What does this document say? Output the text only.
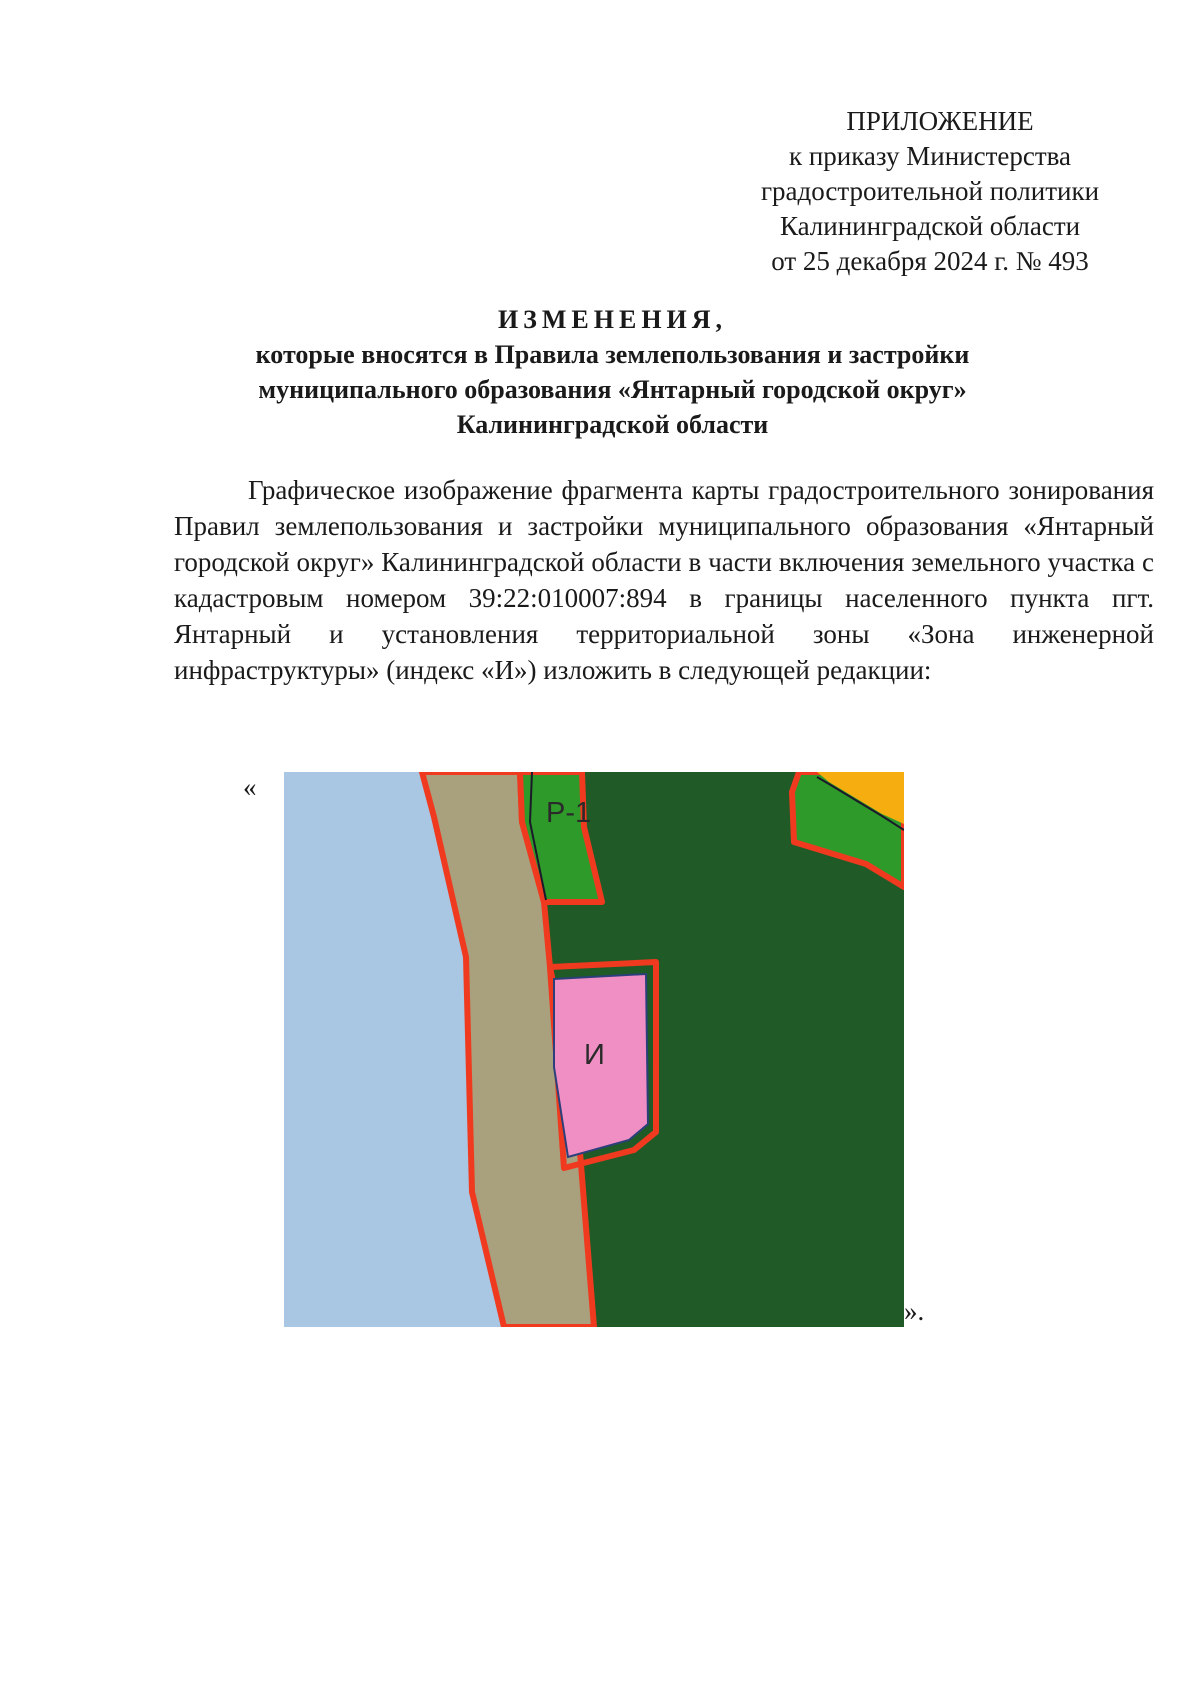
ПРИЛОЖЕНИЕ
к приказу Министерства
градостроительной политики
Калининградской области
от 25 декабря 2024 г. № 493
ИЗМЕНЕНИЯ,
которые вносятся в Правила землепользования и застройки
муниципального образования «Янтарный городской округ»
Калининградской области
Графическое изображение фрагмента карты градостроительного зонирования Правил землепользования и застройки муниципального образования «Янтарный городской округ» Калининградской области в части включения земельного участка с кадастровым номером 39:22:010007:894 в границы населенного пункта пгт. Янтарный и установления территориальной зоны «Зона инженерной инфраструктуры» (индекс «И») изложить в следующей редакции:
«
Р-1
И
».
